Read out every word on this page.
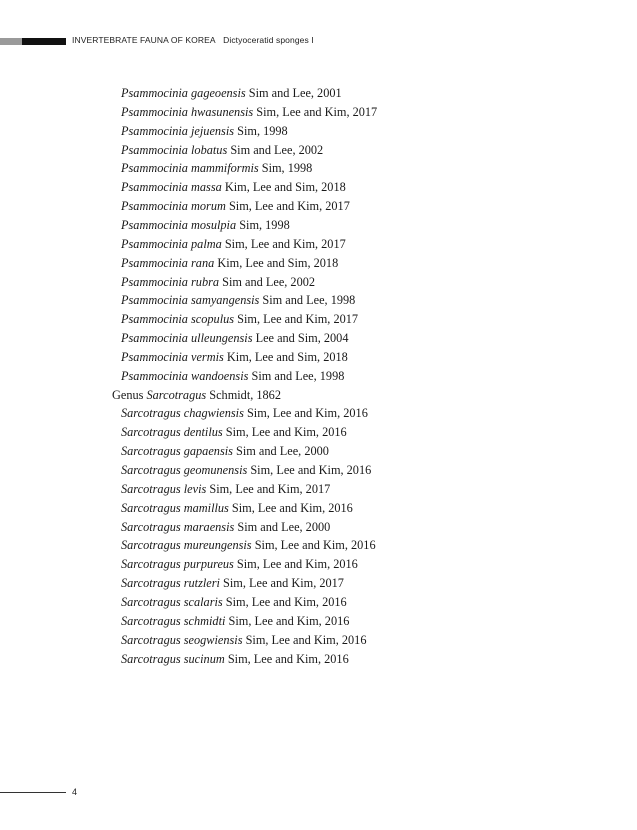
INVERTEBRATE FAUNA OF KOREA Dictyoceratid sponges I
Psammocinia gageoensis Sim and Lee, 2001
Psammocinia hwasunensis Sim, Lee and Kim, 2017
Psammocinia jejuensis Sim, 1998
Psammocinia lobatus Sim and Lee, 2002
Psammocinia mammiformis Sim, 1998
Psammocinia massa Kim, Lee and Sim, 2018
Psammocinia morum Sim, Lee and Kim, 2017
Psammocinia mosulpia Sim, 1998
Psammocinia palma Sim, Lee and Kim, 2017
Psammocinia rana Kim, Lee and Sim, 2018
Psammocinia rubra Sim and Lee, 2002
Psammocinia samyangensis Sim and Lee, 1998
Psammocinia scopulus Sim, Lee and Kim, 2017
Psammocinia ulleungensis Lee and Sim, 2004
Psammocinia vermis Kim, Lee and Sim, 2018
Psammocinia wandoensis Sim and Lee, 1998
Genus Sarcotragus Schmidt, 1862
Sarcotragus chagwiensis Sim, Lee and Kim, 2016
Sarcotragus dentilus Sim, Lee and Kim, 2016
Sarcotragus gapaensis Sim and Lee, 2000
Sarcotragus geomunensis Sim, Lee and Kim, 2016
Sarcotragus levis Sim, Lee and Kim, 2017
Sarcotragus mamillus Sim, Lee and Kim, 2016
Sarcotragus maraensis Sim and Lee, 2000
Sarcotragus mureungensis Sim, Lee and Kim, 2016
Sarcotragus purpureus Sim, Lee and Kim, 2016
Sarcotragus rutzleri Sim, Lee and Kim, 2017
Sarcotragus scalaris Sim, Lee and Kim, 2016
Sarcotragus schmidti Sim, Lee and Kim, 2016
Sarcotragus seogwiensis Sim, Lee and Kim, 2016
Sarcotragus sucinum Sim, Lee and Kim, 2016
4
